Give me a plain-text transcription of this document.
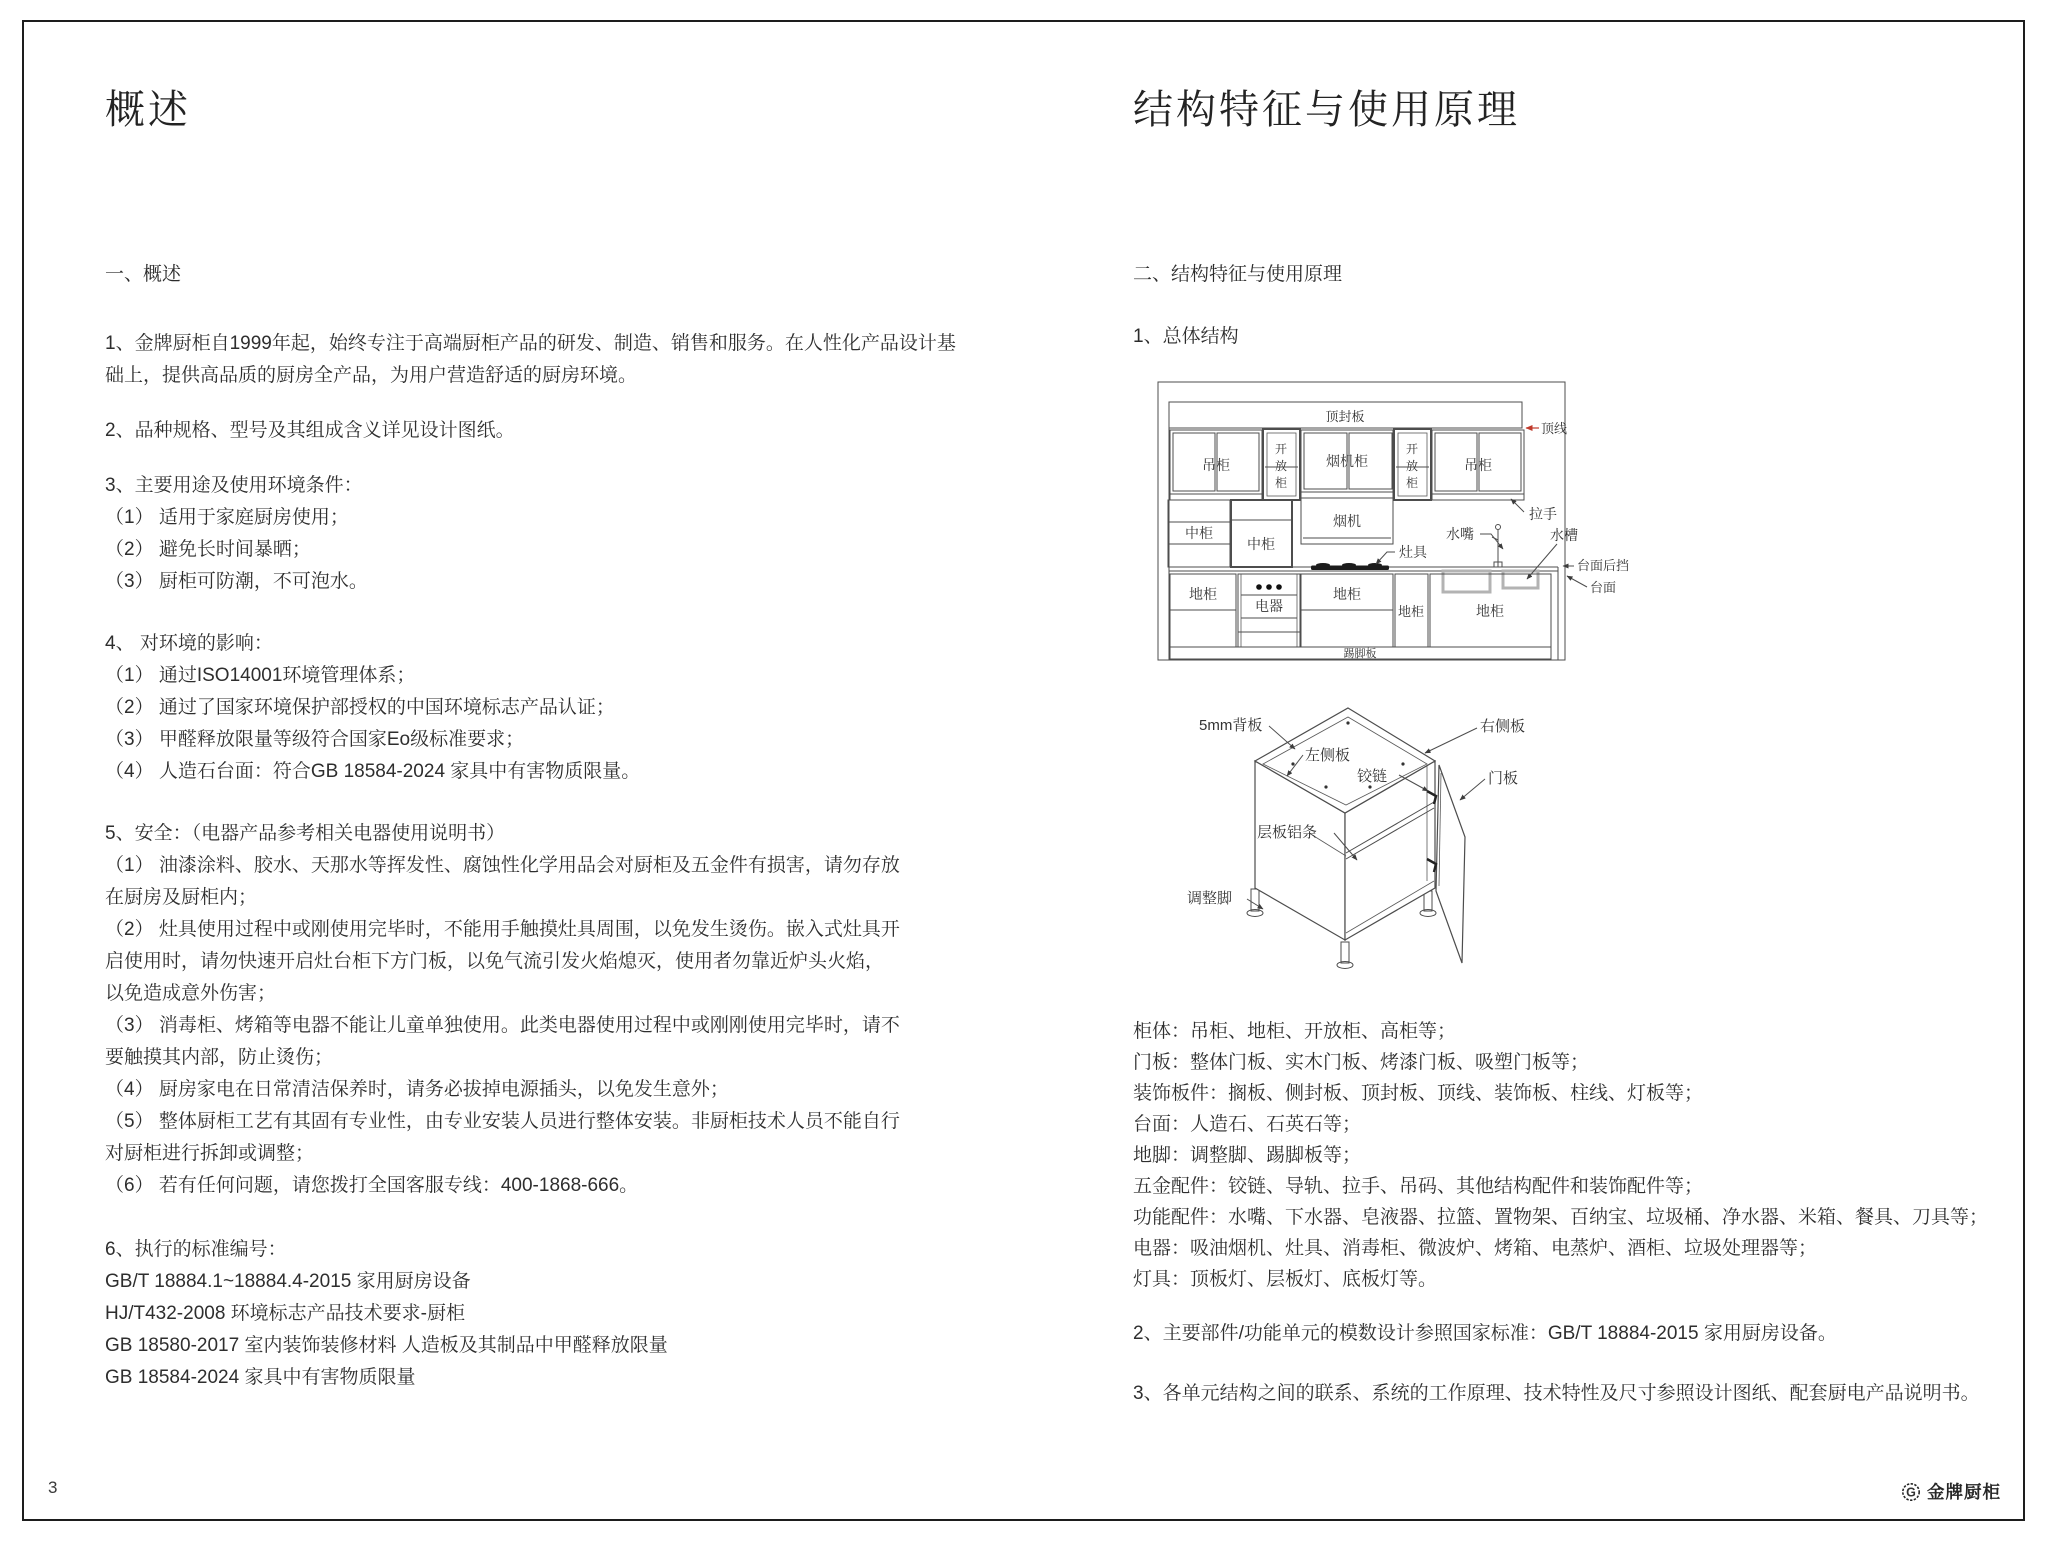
概述
一、概述
1、金牌厨柜自1999年起，始终专注于高端厨柜产品的研发、制造、销售和服务。在人性化产品设计基
础上，提供高品质的厨房全产品，为用户营造舒适的厨房环境。
2、品种规格、型号及其组成含义详见设计图纸。
3、主要用途及使用环境条件：
（1） 适用于家庭厨房使用；
（2） 避免长时间暴晒；
（3） 厨柜可防潮，不可泡水。
4、 对环境的影响：
（1） 通过ISO14001环境管理体系；
（2） 通过了国家环境保护部授权的中国环境标志产品认证；
（3） 甲醛释放限量等级符合国家Eo级标准要求；
（4） 人造石台面：符合GB 18584-2024 家具中有害物质限量。
5、安全：（电器产品参考相关电器使用说明书）
（1） 油漆涂料、胶水、天那水等挥发性、腐蚀性化学用品会对厨柜及五金件有损害，请勿存放
在厨房及厨柜内；
（2） 灶具使用过程中或刚使用完毕时，不能用手触摸灶具周围，以免发生烫伤。嵌入式灶具开
启使用时，请勿快速开启灶台柜下方门板，以免气流引发火焰熄灭，使用者勿靠近炉头火焰，
以免造成意外伤害；
（3） 消毒柜、烤箱等电器不能让儿童单独使用。此类电器使用过程中或刚刚使用完毕时，请不
要触摸其内部，防止烫伤；
（4） 厨房家电在日常清洁保养时，请务必拔掉电源插头，以免发生意外；
（5） 整体厨柜工艺有其固有专业性，由专业安装人员进行整体安装。非厨柜技术人员不能自行
对厨柜进行拆卸或调整；
（6） 若有任何问题，请您拨打全国客服专线：400-1868-666。
6、执行的标准编号：
GB/T 18884.1~18884.4-2015 家用厨房设备
HJ/T432-2008 环境标志产品技术要求-厨柜
GB 18580-2017 室内装饰装修材料 人造板及其制品中甲醛释放限量
GB 18584-2024 家具中有害物质限量
结构特征与使用原理
二、结构特征与使用原理
1、总体结构
顶封板
顶线
吊柜
开
放
柜
烟机柜
开
放
柜
吊柜
拉手
中柜
中柜
烟机
灶具
水嘴	水槽
台面后挡
台面
地柜
电器
地柜
地柜	地柜
踢脚板
5mm背板	右侧板
左侧板
铰链	门板
层板铝条
调整脚
柜体：吊柜、地柜、开放柜、高柜等；
门板：整体门板、实木门板、烤漆门板、吸塑门板等；
装饰板件：搁板、侧封板、顶封板、顶线、装饰板、柱线、灯板等；
台面：人造石、石英石等；
地脚：调整脚、踢脚板等；
五金配件：铰链、导轨、拉手、吊码、其他结构配件和装饰配件等；
功能配件：水嘴、下水器、皂液器、拉篮、置物架、百纳宝、垃圾桶、净水器、米箱、餐具、刀具等；
电器：吸油烟机、灶具、消毒柜、微波炉、烤箱、电蒸炉、酒柜、垃圾处理器等；
灯具：顶板灯、层板灯、底板灯等。
2、主要部件/功能单元的模数设计参照国家标准：GB/T 18884-2015 家用厨房设备。
3、各单元结构之间的联系、系统的工作原理、技术特性及尺寸参照设计图纸、配套厨电产品说明书。
3	G 金牌厨柜
